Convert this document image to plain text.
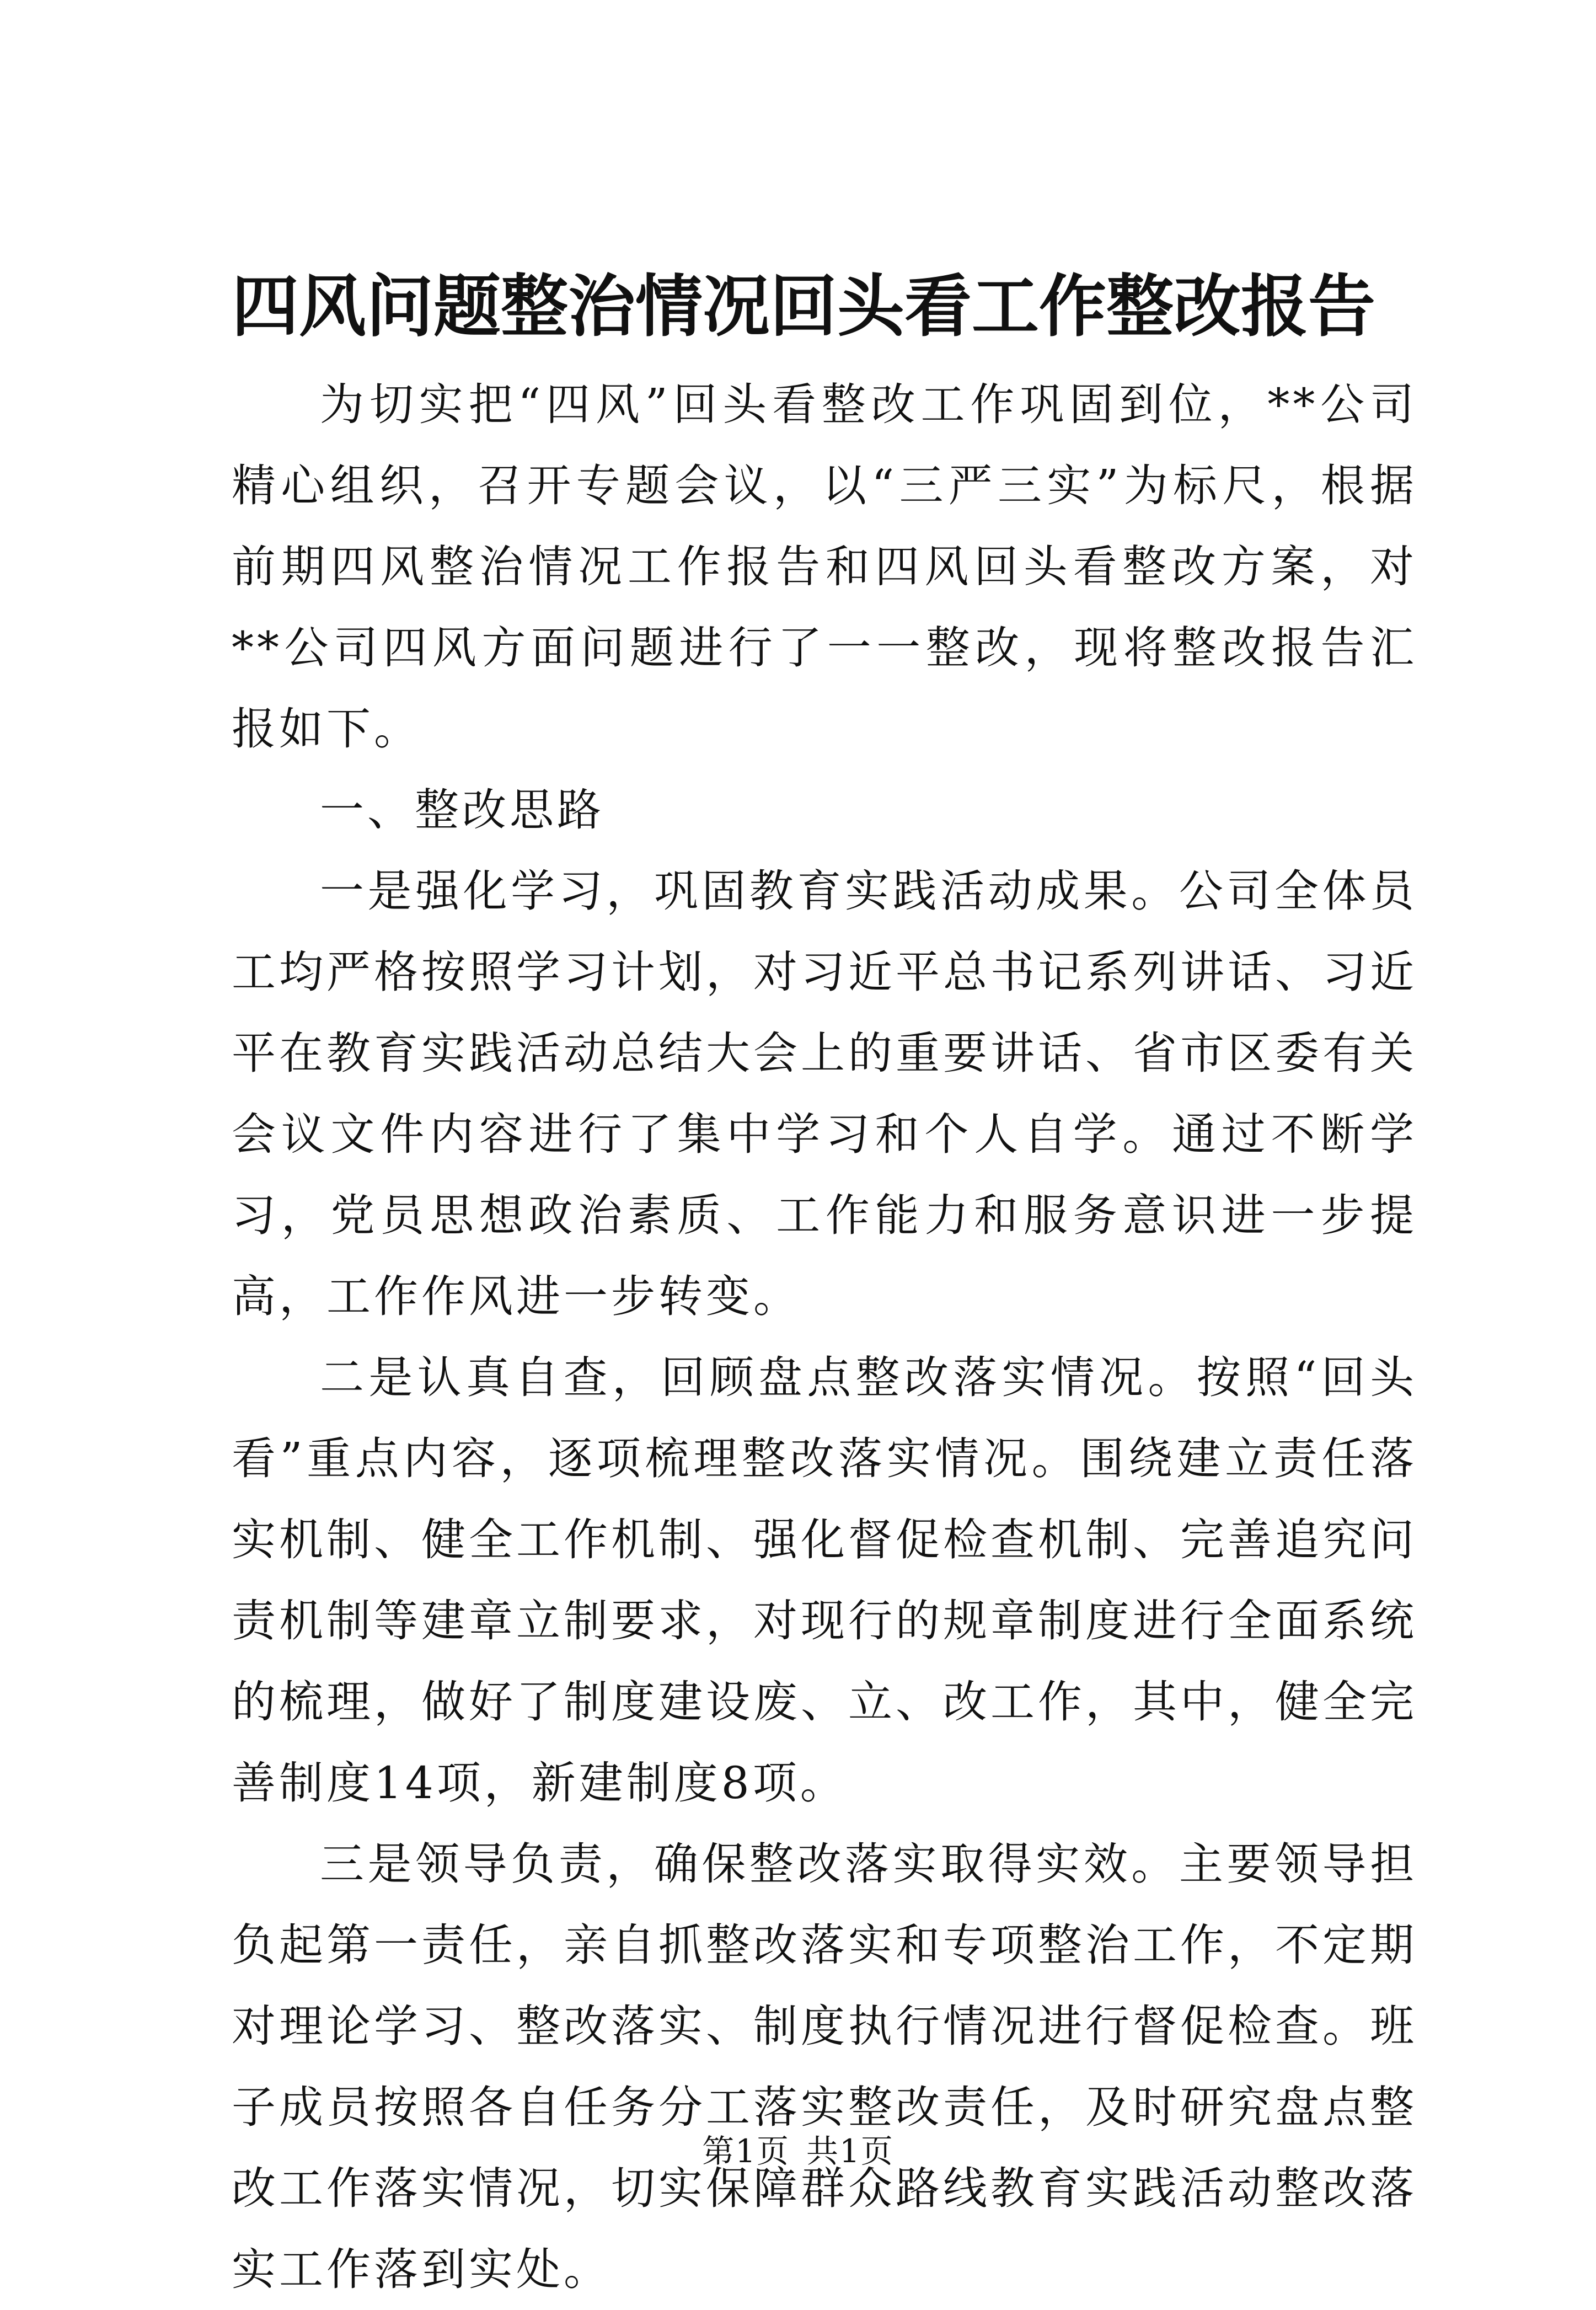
四风问题整治情况回头看工作整改报告

为切实把“四风”回头看整改工作巩固到位，**公司精心组织，召开专题会议，以“三严三实”为标尺，根据前期四风整治情况工作报告和四风回头看整改方案，对**公司四风方面问题进行了一一整改，现将整改报告汇报如下。

一、整改思路

一是强化学习，巩固教育实践活动成果。公司全体员工均严格按照学习计划，对习近平总书记系列讲话、习近平在教育实践活动总结大会上的重要讲话、省市区委有关会议文件内容进行了集中学习和个人自学。通过不断学习，党员思想政治素质、工作能力和服务意识进一步提高，工作作风进一步转变。

二是认真自查，回顾盘点整改落实情况。按照“回头看”重点内容，逐项梳理整改落实情况。围绕建立责任落实机制、健全工作机制、强化督促检查机制、完善追究问责机制等建章立制要求，对现行的规章制度进行全面系统的梳理，做好了制度建设废、立、改工作，其中，健全完善制度14项，新建制度8项。

三是领导负责，确保整改落实取得实效。主要领导担负起第一责任，亲自抓整改落实和专项整治工作，不定期对理论学习、整改落实、制度执行情况进行督促检查。班子成员按照各自任务分工落实整改责任，及时研究盘点整改工作落实情况，切实保障群众路线教育实践活动整改落实工作落到实处。

第1页 共1页
